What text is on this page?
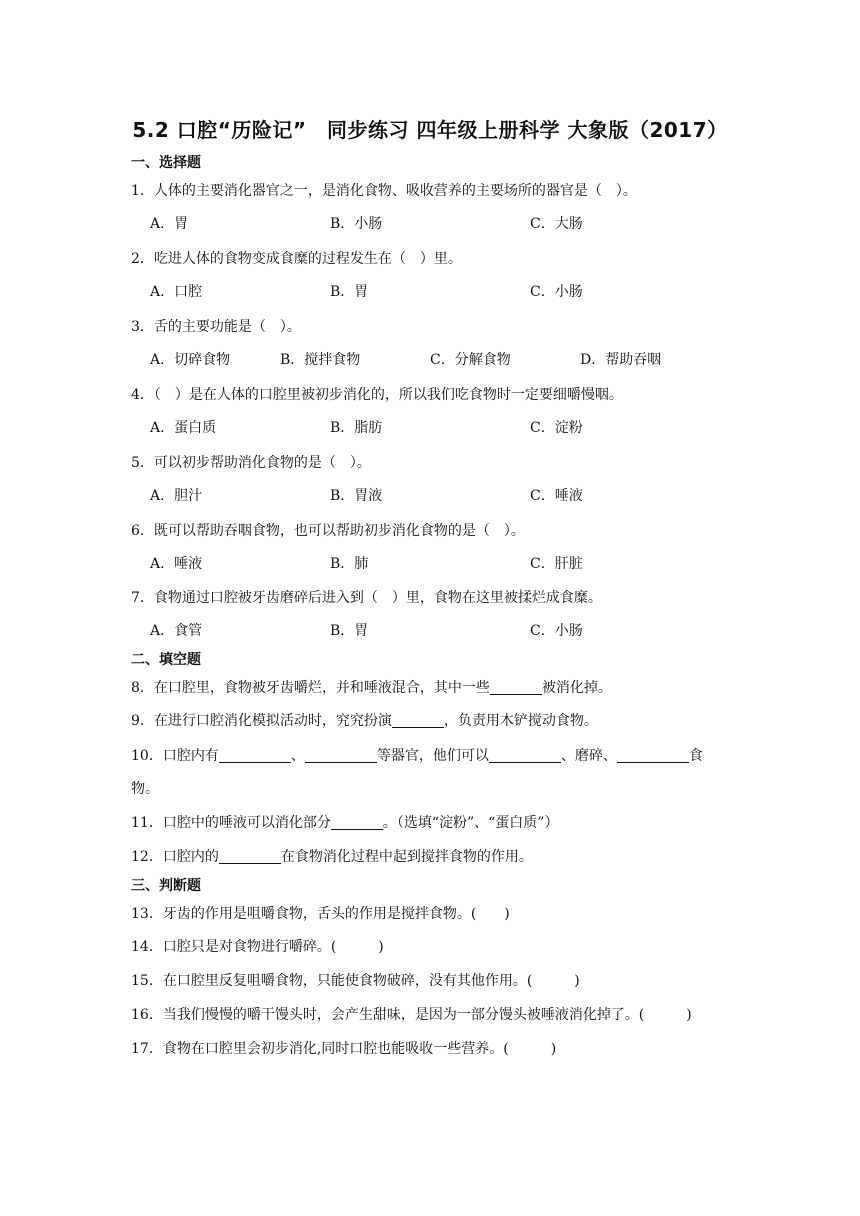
5.2 口腔“历险记”　同步练习 四年级上册科学 大象版（2017）
一、选择题
1．人体的主要消化器官之一，是消化食物、吸收营养的主要场所的器官是（　）。
A．胃	B．小肠	C．大肠
2．吃进人体的食物变成食糜的过程发生在（　）里。
A．口腔	B．胃	C．小肠
3．舌的主要功能是（　）。
A．切碎食物	B．搅拌食物	C．分解食物	D．帮助吞咽
4．（　）是在人体的口腔里被初步消化的，所以我们吃食物时一定要细嚼慢咽。
A．蛋白质	B．脂肪	C．淀粉
5．可以初步帮助消化食物的是（　）。
A．胆汁	B．胃液	C．唾液
6．既可以帮助吞咽食物，也可以帮助初步消化食物的是（　）。
A．唾液	B．肺	C．肝脏
7．食物通过口腔被牙齿磨碎后进入到（　）里，食物在这里被揉烂成食糜。
A．食管	B．胃	C．小肠
二、填空题
8．在口腔里，食物被牙齿嚼烂，并和唾液混合，其中一些	被消化掉。
9．在进行口腔消化模拟活动时，究究扮演	，负责用木铲搅动食物。
10．口腔内有	、	等器官，他们可以	、磨碎、	食
物。
11．口腔中的唾液可以消化部分	。（选填“淀粉”、“蛋白质”）
12．口腔内的	在食物消化过程中起到搅拌食物的作用。
三、判断题
13．牙齿的作用是咀嚼食物，舌头的作用是搅拌食物。(　　)
14．口腔只是对食物进行嚼碎。(　　　)
15．在口腔里反复咀嚼食物，只能使食物破碎，没有其他作用。(　　　)
16．当我们慢慢的嚼干馒头时，会产生甜味，是因为一部分馒头被唾液消化掉了。(　　　)
17．食物在口腔里会初步消化,同时口腔也能吸收一些营养。(　　　)
